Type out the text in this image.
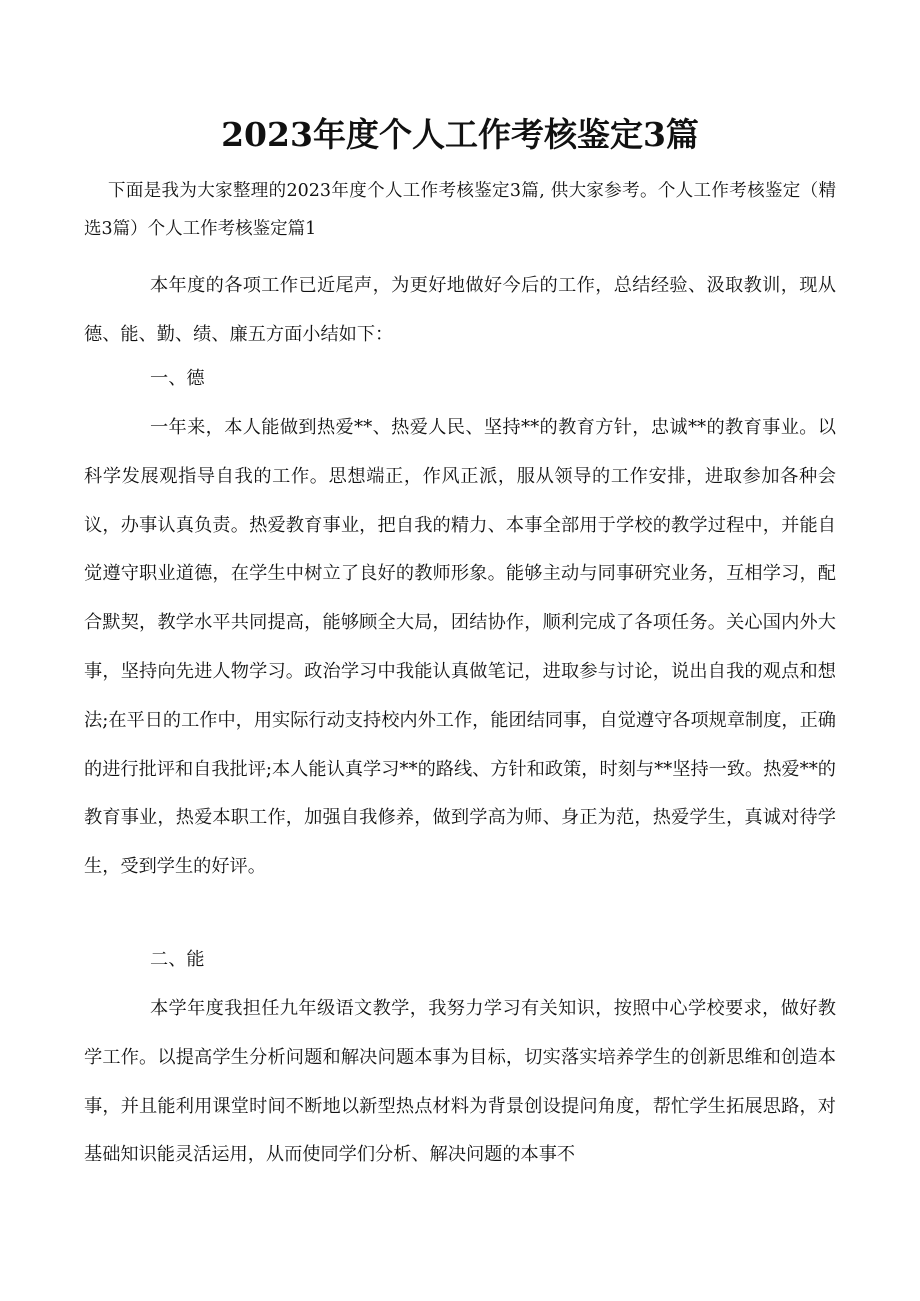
2023年度个人工作考核鉴定3篇

下面是我为大家整理的2023年度个人工作考核鉴定3篇, 供大家参考。个人工作考核鉴定（精选3篇）个人工作考核鉴定篇1

本年度的各项工作已近尾声，为更好地做好今后的工作，总结经验、汲取教训，现从德、能、勤、绩、廉五方面小结如下：

一、德

一年来，本人能做到热爱**、热爱人民、坚持**的教育方针，忠诚**的教育事业。以科学发展观指导自我的工作。思想端正，作风正派，服从领导的工作安排，进取参加各种会议，办事认真负责。热爱教育事业，把自我的精力、本事全部用于学校的教学过程中，并能自觉遵守职业道德，在学生中树立了良好的教师形象。能够主动与同事研究业务，互相学习，配合默契，教学水平共同提高，能够顾全大局，团结协作，顺利完成了各项任务。关心国内外大事，坚持向先进人物学习。政治学习中我能认真做笔记，进取参与讨论，说出自我的观点和想法;在平日的工作中，用实际行动支持校内外工作，能团结同事，自觉遵守各项规章制度，正确的进行批评和自我批评;本人能认真学习**的路线、方针和政策，时刻与**坚持一致。热爱**的教育事业，热爱本职工作，加强自我修养，做到学高为师、身正为范，热爱学生，真诚对待学生，受到学生的好评。

二、能

本学年度我担任九年级语文教学，我努力学习有关知识，按照中心学校要求，做好教学工作。以提高学生分析问题和解决问题本事为目标，切实落实培养学生的创新思维和创造本事，并且能利用课堂时间不断地以新型热点材料为背景创设提问角度，帮忙学生拓展思路，对基础知识能灵活运用，从而使同学们分析、解决问题的本事不
